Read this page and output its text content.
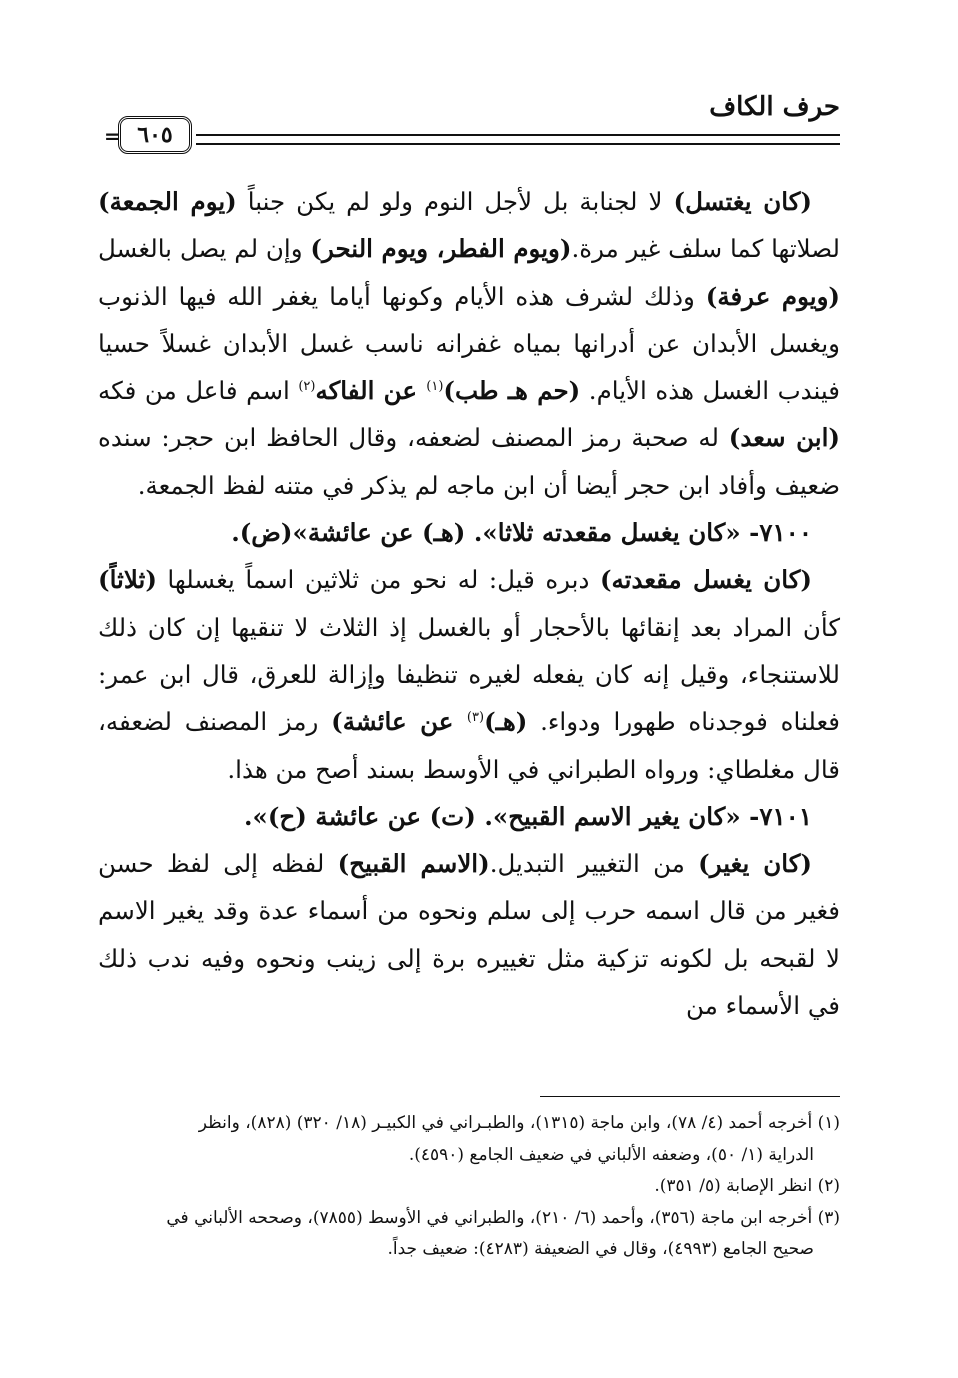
حرف الكاف
٦٠٥
=

(كان يغتسل) لا لجنابة بل لأجل النوم ولو لم يكن جنباً (يوم الجمعة) لصلاتها كما سلف غير مرة.(ويوم الفطر، ويوم النحر) وإن لم يصل بالغسل (ويوم عرفة) وذلك لشرف هذه الأيام وكونها أياما يغفر الله فيها الذنوب ويغسل الأبدان عن أدرانها بمياه غفرانه ناسب غسل الأبدان غسلاً حسيا فيندب الغسل هذه الأيام. (حم هـ طب)$^{(١)}$ عن الفاكه$^{(٢)}$ اسم فاعل من فكه (ابن سعد) له صحبة رمز المصنف لضعفه، وقال الحافظ ابن حجر: سنده ضعيف وأفاد ابن حجر أيضا أن ابن ماجه لم يذكر في متنه لفظ الجمعة.

٧١٠٠- «كان يغسل مقعدته ثلاثا». (هـ) عن عائشة»(ض).

(كان يغسل مقعدته) دبره قيل: له نحو من ثلاثين اسماً يغسلها (ثلاثاً) كأن المراد بعد إنقائها بالأحجار أو بالغسل إذ الثلاث لا تنقيها إن كان ذلك للاستنجاء، وقيل إنه كان يفعله لغيره تنظيفا وإزالة للعرق، قال ابن عمر: فعلناه فوجدناه طهورا ودواء. (هـ)$^{(٣)}$ عن عائشة) رمز المصنف لضعفه، قال مغلطاي: ورواه الطبراني في الأوسط بسند أصح من هذا.

٧١٠١- «كان يغير الاسم القبيح». (ت) عن عائشة (ح)».

(كان يغير) من التغيير التبديل.(الاسم القبيح) لفظه إلى لفظ حسن فغير من قال اسمه حرب إلى سلم ونحوه من أسماء عدة وقد يغير الاسم لا لقبحه بل لكونه تزكية مثل تغييره برة إلى زينب ونحوه وفيه ندب ذلك في الأسماء من

(١) أخرجه أحمد (٤/ ٧٨)، وابن ماجة (١٣١٥)، والطبـراني في الكبيـر (١٨/ ٣٢٠) (٨٢٨)، وانظر

الدراية (١/ ٥٠)، وضعفه الألباني في ضعيف الجامع (٤٥٩٠).

(٢) انظر الإصابة (٥/ ٣٥١).

(٣) أخرجه ابن ماجة (٣٥٦)، وأحمد (٦/ ٢١٠)، والطبراني في الأوسط (٧٨٥٥)، وصححه الألباني في

صحيح الجامع (٤٩٩٣)، وقال في الضعيفة (٤٢٨٣): ضعيف جداً.
